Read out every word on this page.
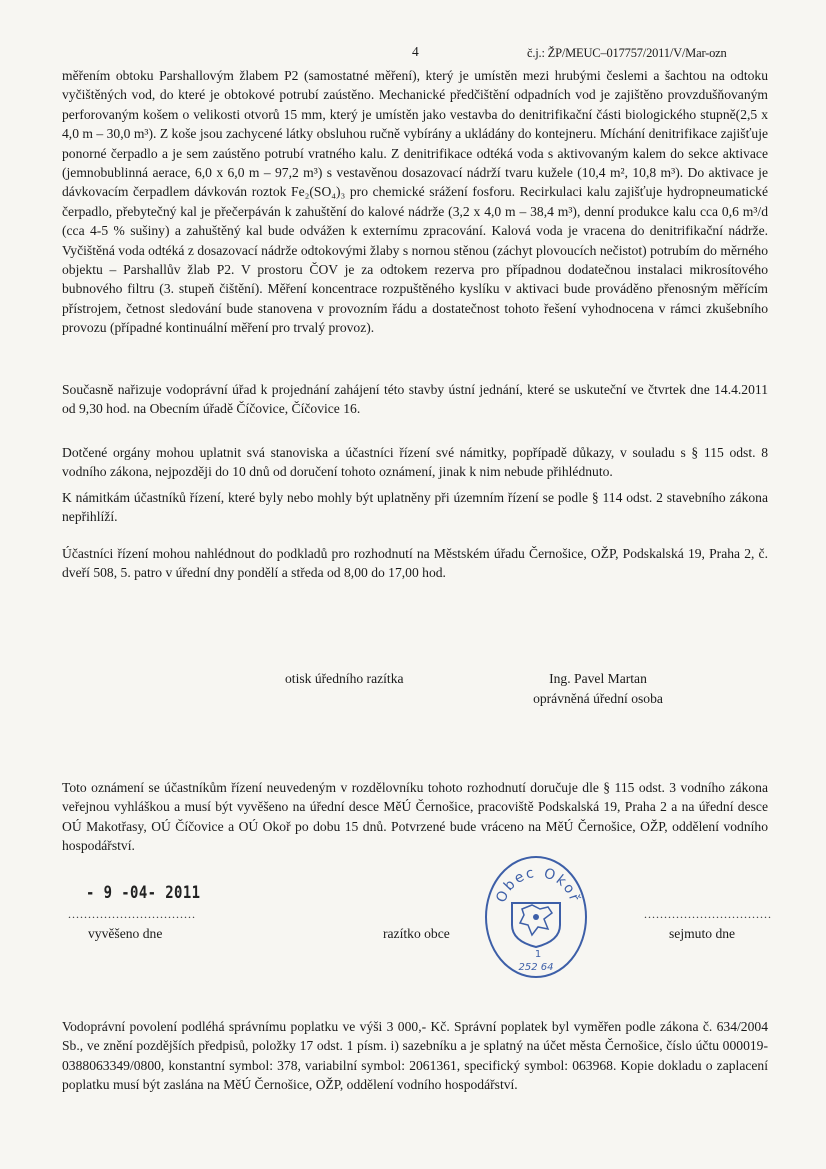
4	č.j.: ŽP/MEUC–017757/2011/V/Mar-ozn
měřením obtoku Parshallovým žlabem P2 (samostatné měření), který je umístěn mezi hrubými česlemi a šachtou na odtoku vyčištěných vod, do které je obtokové potrubí zaústěno. Mechanické předčištění odpadních vod je zajištěno provzdušňovaným perforovaným košem o velikosti otvorů 15 mm, který je umístěn jako vestavba do denitrifikační části biologického stupně(2,5 x 4,0 m – 30,0 m³). Z koše jsou zachycené látky obsluhou ručně vybírány a ukládány do kontejneru. Míchání denitrifikace zajišťuje ponorné čerpadlo a je sem zaústěno potrubí vratného kalu. Z denitrifikace odtéká voda s aktivovaným kalem do sekce aktivace (jemnobublinná aerace, 6,0 x 6,0 m – 97,2 m³) s vestavěnou dosazovací nádrží tvaru kužele (10,4 m², 10,8 m³). Do aktivace je dávkovacím čerpadlem dávkován roztok Fe₂(SO₄)₃ pro chemické srážení fosforu. Recirkulaci kalu zajišťuje hydropneumatické čerpadlo, přebytečný kal je přečerpáván k zahuštění do kalové nádrže (3,2 x 4,0 m – 38,4 m³), denní produkce kalu cca 0,6 m³/d (cca 4-5 % sušiny) a zahuštěný kal bude odvážen k externímu zpracování. Kalová voda je vracena do denitrifikační nádrže. Vyčištěná voda odtéká z dosazovací nádrže odtokovými žlaby s nornou stěnou (záchyt plovoucích nečistot) potrubím do měrného objektu – Parshallův žlab P2. V prostoru ČOV je za odtokem rezerva pro případnou dodatečnou instalaci mikrosítového bubnového filtru (3. stupeň čištění). Měření koncentrace rozpuštěného kyslíku v aktivaci bude prováděno přenosným měřícím přístrojem, četnost sledování bude stanovena v provozním řádu a dostatečnost tohoto řešení vyhodnocena v rámci zkušebního provozu (případné kontinuální měření pro trvalý provoz).
Současně nařizuje vodoprávní úřad k projednání zahájení této stavby ústní jednání, které se uskuteční ve čtvrtek dne 14.4.2011 od 9,30 hod. na Obecním úřadě Číčovice, Číčovice 16.
Dotčené orgány mohou uplatnit svá stanoviska a účastníci řízení své námitky, popřípadě důkazy, v souladu s § 115 odst. 8 vodního zákona, nejpozději do 10 dnů od doručení tohoto oznámení, jinak k nim nebude přihlédnuto.
K námitkám účastníků řízení, které byly nebo mohly být uplatněny při územním řízení se podle § 114 odst. 2 stavebního zákona nepřihlíží.
Účastníci řízení mohou nahlédnout do podkladů pro rozhodnutí na Městském úřadu Černošice, OŽP, Podskalská 19, Praha 2, č. dveří 508, 5. patro v úřední dny pondělí a středa od 8,00 do 17,00 hod.
otisk úředního razítka	Ing. Pavel Martan
oprávněná úřední osoba
Toto oznámení se účastníkům řízení neuvedeným v rozdělovníku tohoto rozhodnutí doručuje dle § 115 odst. 3 vodního zákona veřejnou vyhláškou a musí být vyvěšeno na úřední desce MěÚ Černošice, pracoviště Podskalská 19, Praha 2 a na úřední desce OÚ Makotřasy, OÚ Číčovice a OÚ Okoř po dobu 15 dnů. Potvrzené bude vráceno na MěÚ Černošice, OŽP, oddělení vodního hospodářství.
- 9 -04- 2011
................................
vyvěšeno dne	razítko obce
................................
sejmuto dne
Obec Okoř
1
252 64
Vodoprávní povolení podléhá správnímu poplatku ve výši 3 000,- Kč. Správní poplatek byl vyměřen podle zákona č. 634/2004 Sb., ve znění pozdějších předpisů, položky 17 odst. 1 písm. i) sazebníku a je splatný na účet města Černošice, číslo účtu 000019-0388063349/0800, konstantní symbol: 378, variabilní symbol: 2061361, specifický symbol: 063968. Kopie dokladu o zaplacení poplatku musí být zaslána na MěÚ Černošice, OŽP, oddělení vodního hospodářství.
